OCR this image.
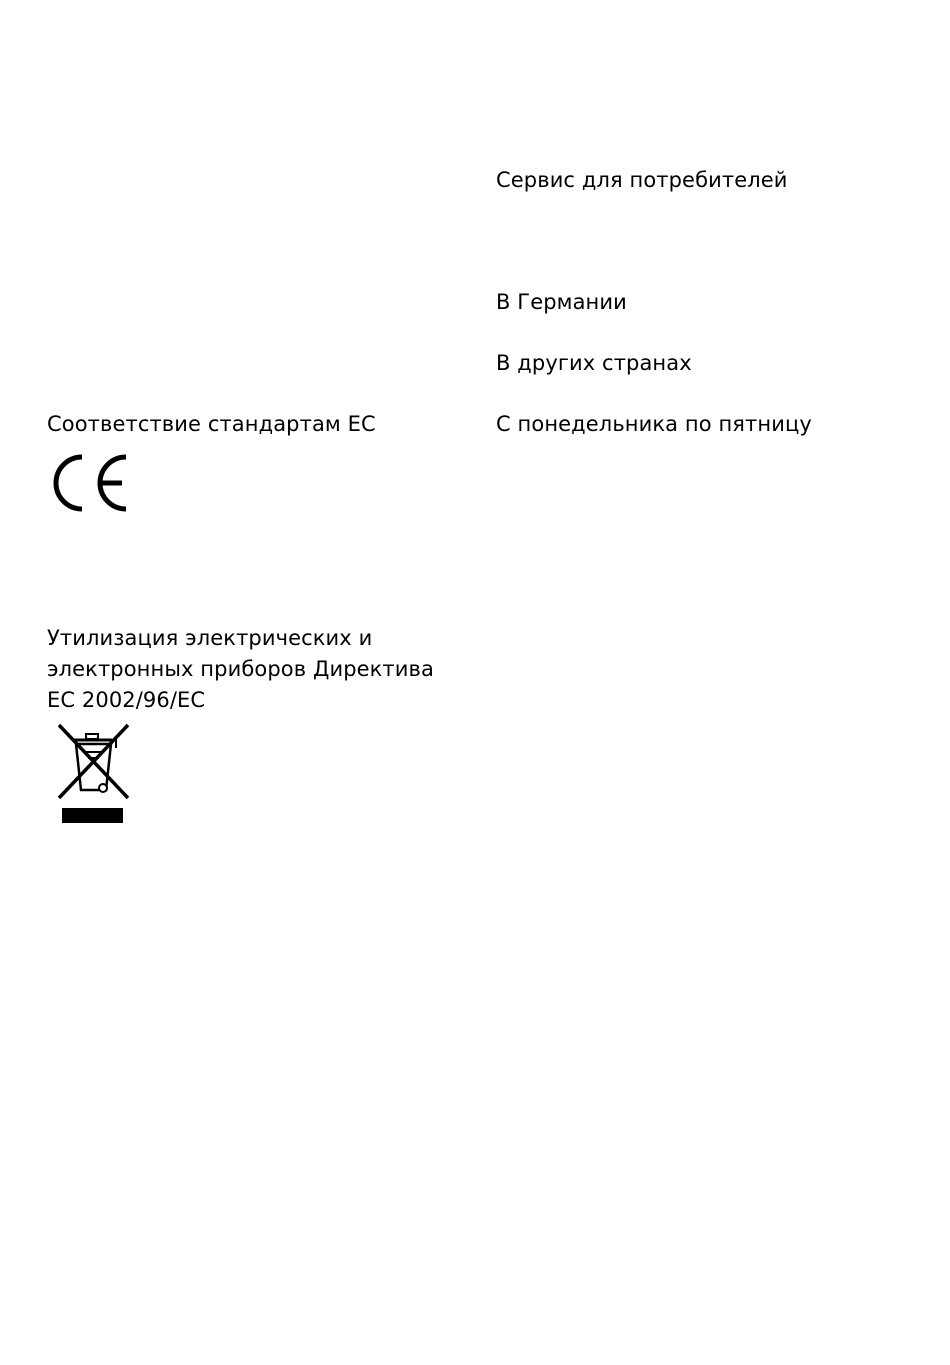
Сервис для потребителей
В Германии
В других странах
С понедельника по пятницу
Соответствие стандартам ЕС
Утилизация электрических и
электронных приборов Директива
ЕС 2002/96/ЕС
